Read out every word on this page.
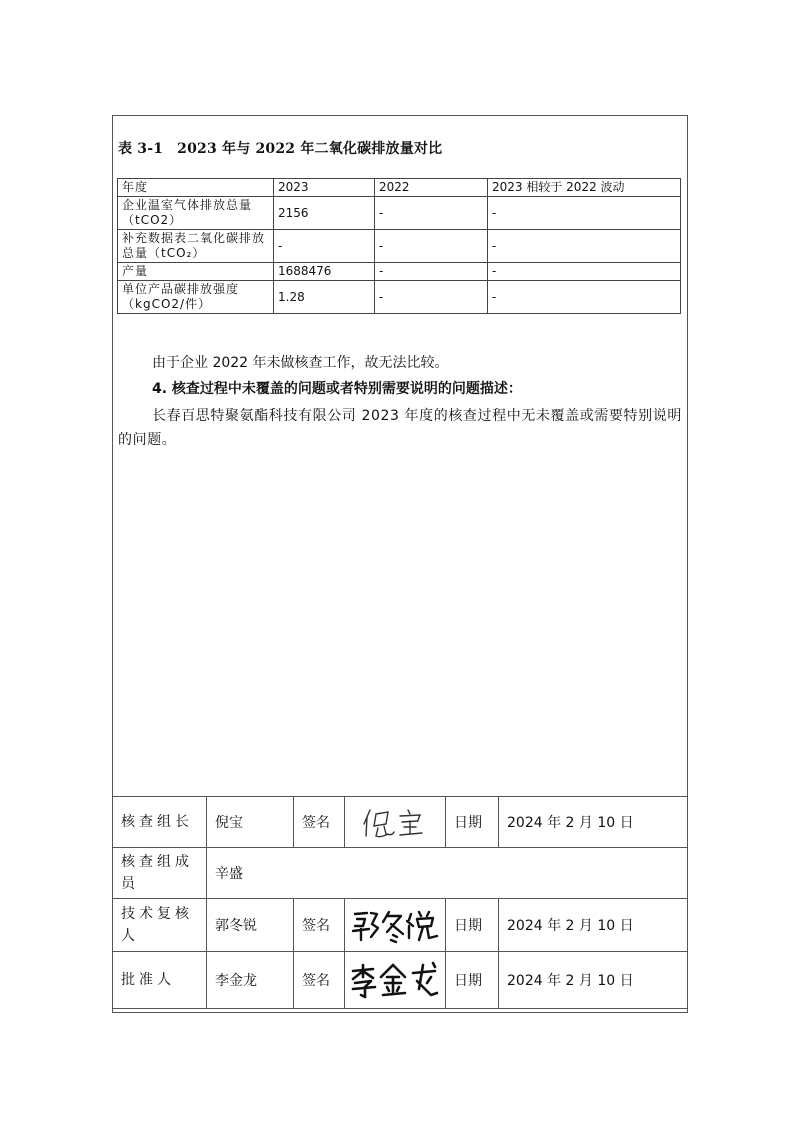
表 3-1 2023 年与 2022 年二氧化碳排放量对比
年度	2023	2022	2023 相较于 2022 波动
企业温室气体排放总量（tCO2）	2156	-	-
补充数据表二氧化碳排放总量（tCO₂）	-	-	-
产量	1688476	-	-
单位产品碳排放强度（kgCO2/件）	1.28	-	-
由于企业 2022 年未做核查工作，故无法比较。
4. 核查过程中未覆盖的问题或者特别需要说明的问题描述：
长春百思特聚氨酯科技有限公司 2023 年度的核查过程中无未覆盖或需要特别说明的问题。
核查组长	倪宝	签名		日期	2024 年 2 月 10 日
核查组成员	辛盛				
技术复核人	郭冬锐	签名		日期	2024 年 2 月 10 日
批准人	李金龙	签名		日期	2024 年 2 月 10 日
